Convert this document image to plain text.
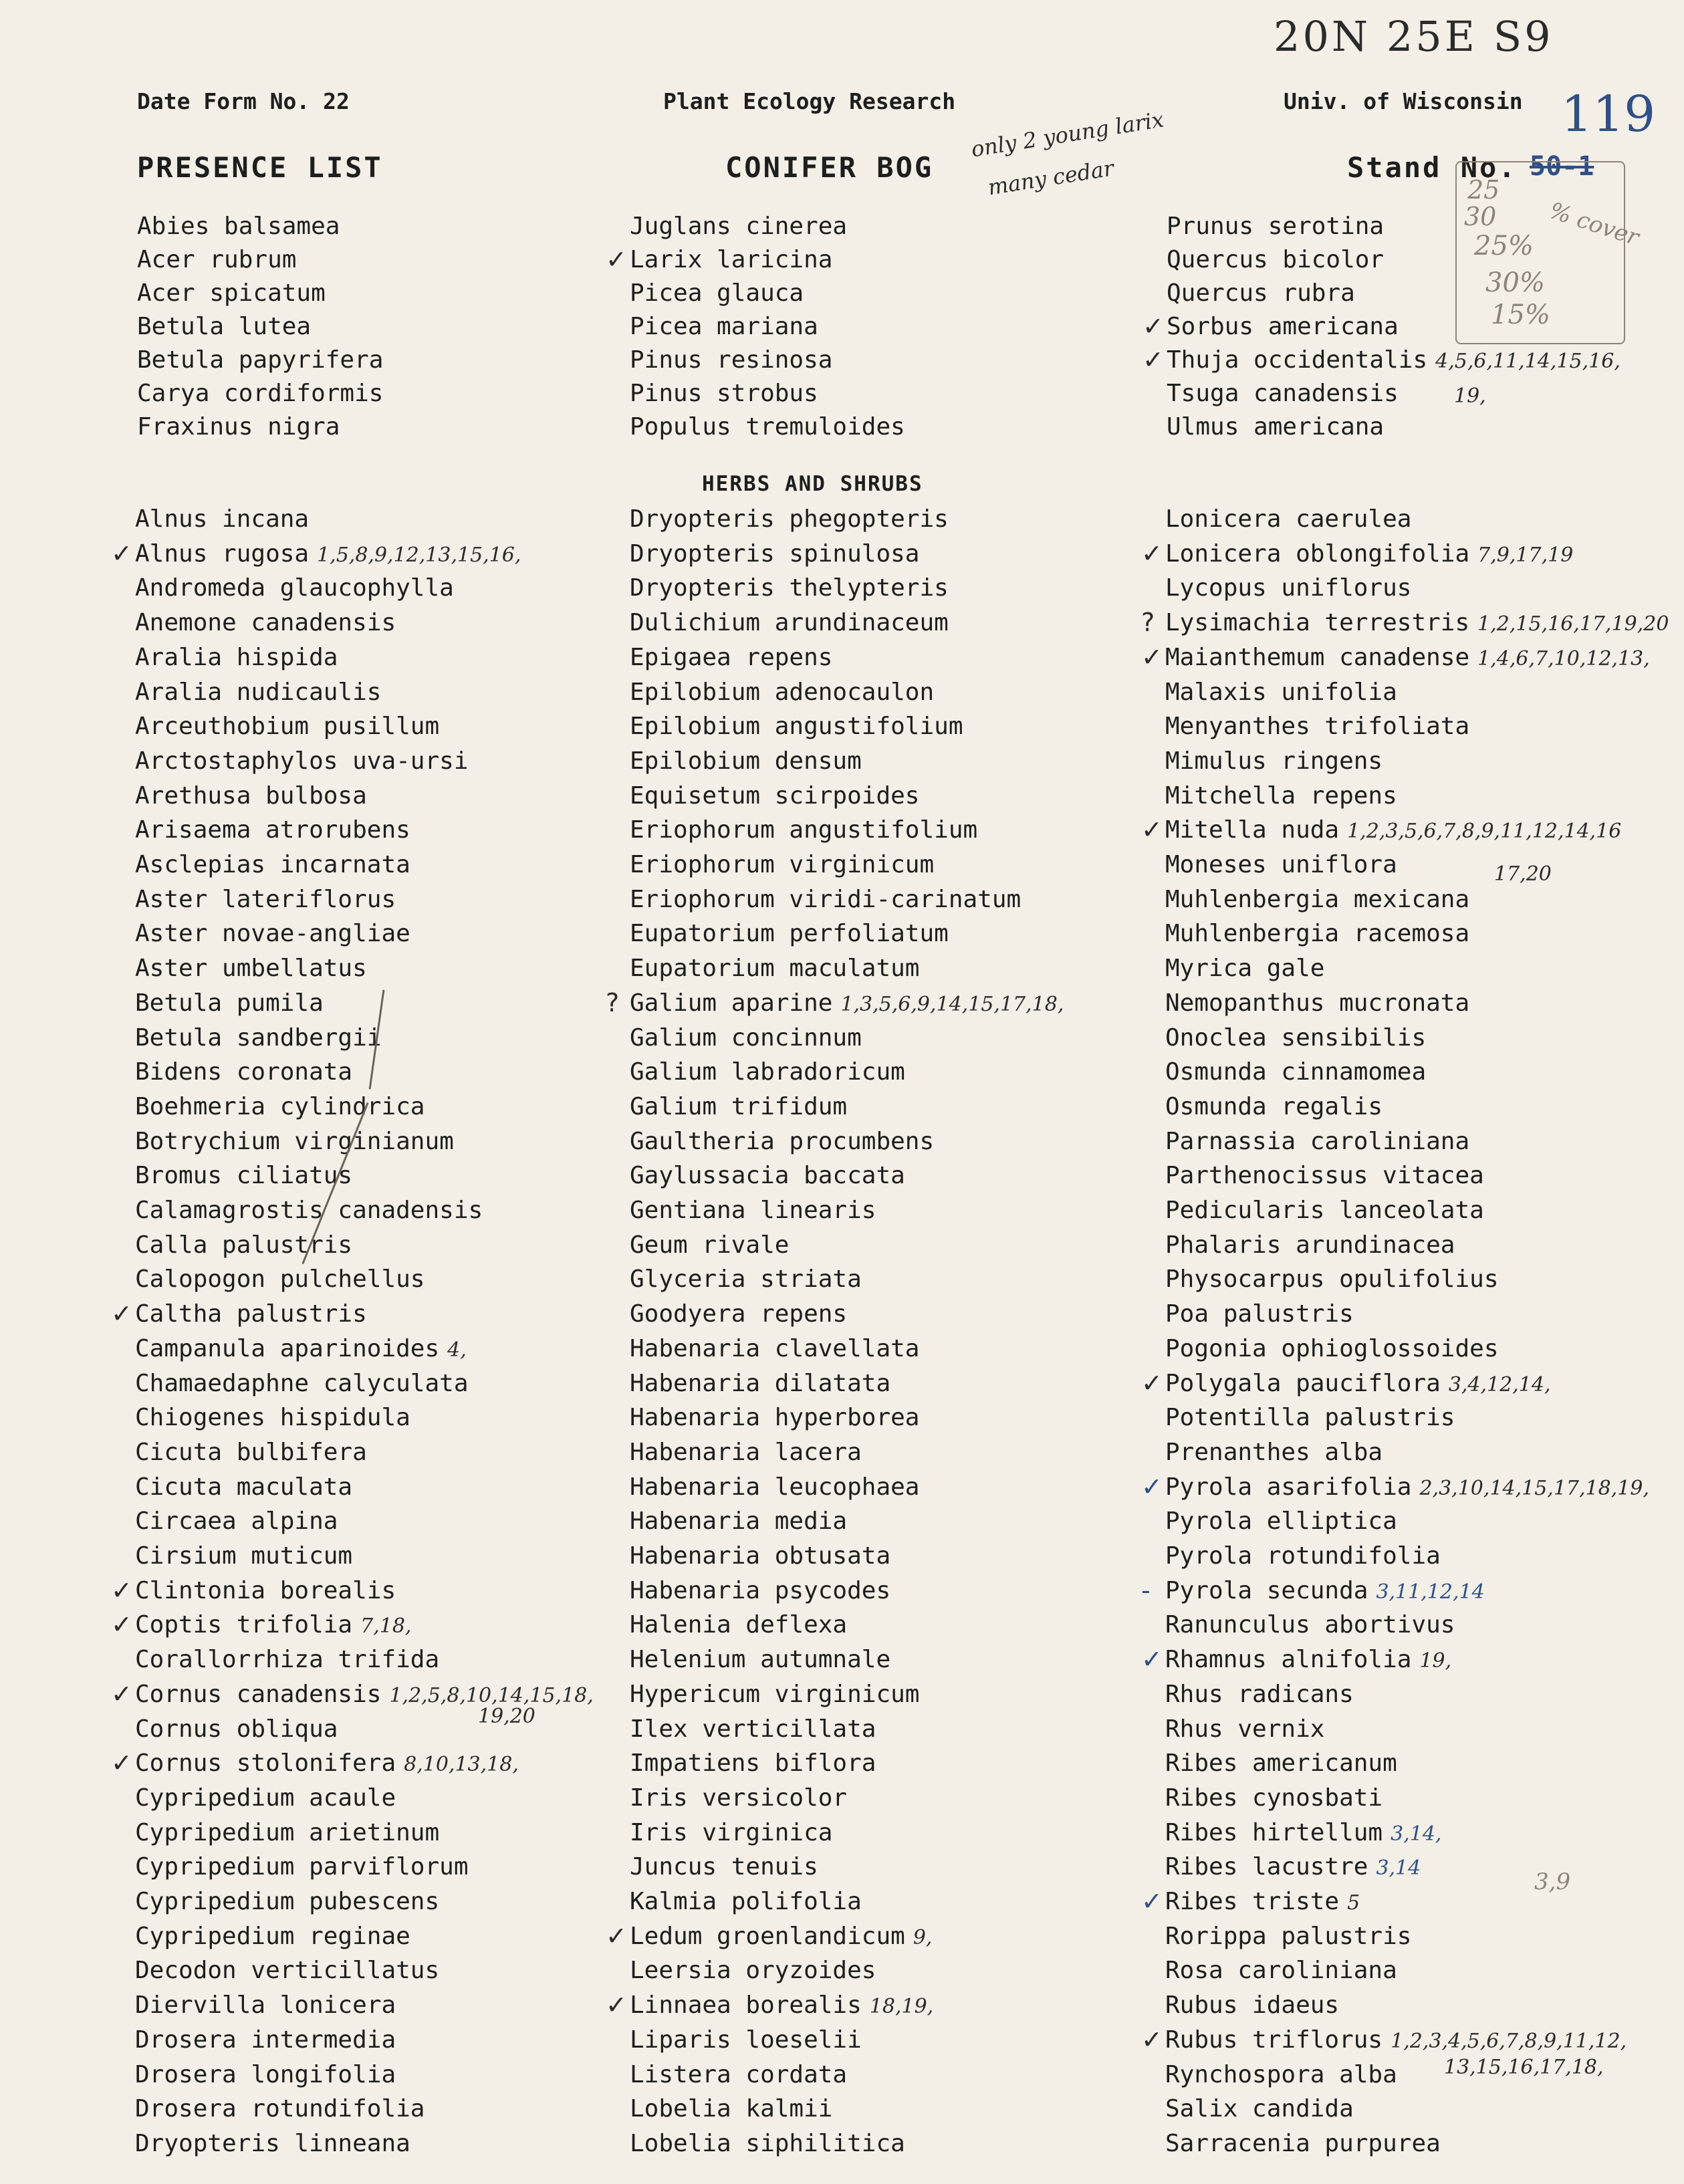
20N 25E S9
Date Form No. 22	Plant Ecology Research	Univ. of Wisconsin
PRESENCE LIST	CONIFER BOG	Stand No.
119
50-1
only 2 young larix
many cedar	25
30
25%
30%
15%
% cover
Abies balsamea
Acer rubrum
Acer spicatum
Betula lutea
Betula papyrifera
Carya cordiformis
Fraxinus nigra
Juglans cinerea
✓ Larix laricina
Picea glauca
Picea mariana
Pinus resinosa
Pinus strobus
Populus tremuloides
Prunus serotina
Quercus bicolor
Quercus rubra
✓ Sorbus americana
✓ Thuja occidentalis 4,5,6,11,14,15,16,
Tsuga canadensis
Ulmus americana
19,
HERBS AND SHRUBS
Alnus incana
✓ Alnus rugosa 1,5,8,9,12,13,15,16,
Andromeda glaucophylla
Anemone canadensis
Aralia hispida
Aralia nudicaulis
Arceuthobium pusillum
Arctostaphylos uva-ursi
Arethusa bulbosa
Arisaema atrorubens
Asclepias incarnata
Aster lateriflorus
Aster novae-angliae
Aster umbellatus
Betula pumila
Betula sandbergii
Bidens coronata
Boehmeria cylindrica
Botrychium virginianum
Bromus ciliatus
Calamagrostis canadensis
Calla palustris
Calopogon pulchellus
✓ Caltha palustris
Campanula aparinoides 4,
Chamaedaphne calyculata
Chiogenes hispidula
Cicuta bulbifera
Cicuta maculata
Circaea alpina
Cirsium muticum
✓ Clintonia borealis
✓ Coptis trifolia 7,18,
Corallorrhiza trifida
✓ Cornus canadensis 1,2,5,8,10,14,15,18,
Cornus obliqua
✓ Cornus stolonifera 8,10,13,18,
Cypripedium acaule
Cypripedium arietinum
Cypripedium parviflorum
Cypripedium pubescens
Cypripedium reginae
Decodon verticillatus
Diervilla lonicera
Drosera intermedia
Drosera longifolia
Drosera rotundifolia
Dryopteris linneana
Dryopteris phegopteris
Dryopteris spinulosa
Dryopteris thelypteris
Dulichium arundinaceum
Epigaea repens
Epilobium adenocaulon
Epilobium angustifolium
Epilobium densum
Equisetum scirpoides
Eriophorum angustifolium
Eriophorum virginicum
Eriophorum viridi-carinatum
Eupatorium perfoliatum
Eupatorium maculatum
? Galium aparine 1,3,5,6,9,14,15,17,18,
Galium concinnum
Galium labradoricum
Galium trifidum
Gaultheria procumbens
Gaylussacia baccata
Gentiana linearis
Geum rivale
Glyceria striata
Goodyera repens
Habenaria clavellata
Habenaria dilatata
Habenaria hyperborea
Habenaria lacera
Habenaria leucophaea
Habenaria media
Habenaria obtusata
Habenaria psycodes
Halenia deflexa
Helenium autumnale
Hypericum virginicum
Ilex verticillata
Impatiens biflora
Iris versicolor
Iris virginica
Juncus tenuis
Kalmia polifolia
✓ Ledum groenlandicum 9,
Leersia oryzoides
✓ Linnaea borealis 18,19,
Liparis loeselii
Listera cordata
Lobelia kalmii
Lobelia siphilitica
Lonicera caerulea
✓ Lonicera oblongifolia 7,9,17,19
Lycopus uniflorus
? Lysimachia terrestris 1,2,15,16,17,19,20
✓ Maianthemum canadense 1,4,6,7,10,12,13,
Malaxis unifolia
Menyanthes trifoliata
Mimulus ringens
Mitchella repens
✓ Mitella nuda 1,2,3,5,6,7,8,9,11,12,14,16
Moneses uniflora
Muhlenbergia mexicana
Muhlenbergia racemosa
Myrica gale
Nemopanthus mucronata
Onoclea sensibilis
Osmunda cinnamomea
Osmunda regalis
Parnassia caroliniana
Parthenocissus vitacea
Pedicularis lanceolata
Phalaris arundinacea
Physocarpus opulifolius
Poa palustris
Pogonia ophioglossoides
✓ Polygala pauciflora 3,4,12,14,
Potentilla palustris
Prenanthes alba
✓ Pyrola asarifolia 2,3,10,14,15,17,18,19,
Pyrola elliptica
Pyrola rotundifolia
- Pyrola secunda 3,11,12,14
Ranunculus abortivus
✓ Rhamnus alnifolia 19,
Rhus radicans
Rhus vernix
Ribes americanum
Ribes cynosbati
Ribes hirtellum 3,14,
Ribes lacustre 3,14
✓ Ribes triste 5
Rorippa palustris
Rosa caroliniana
Rubus idaeus
✓ Rubus triflorus 1,2,3,4,5,6,7,8,9,11,12,
Rynchospora alba
Salix candida
Sarracenia purpurea
19,20
17,20
13,15,16,17,18,
3,9
